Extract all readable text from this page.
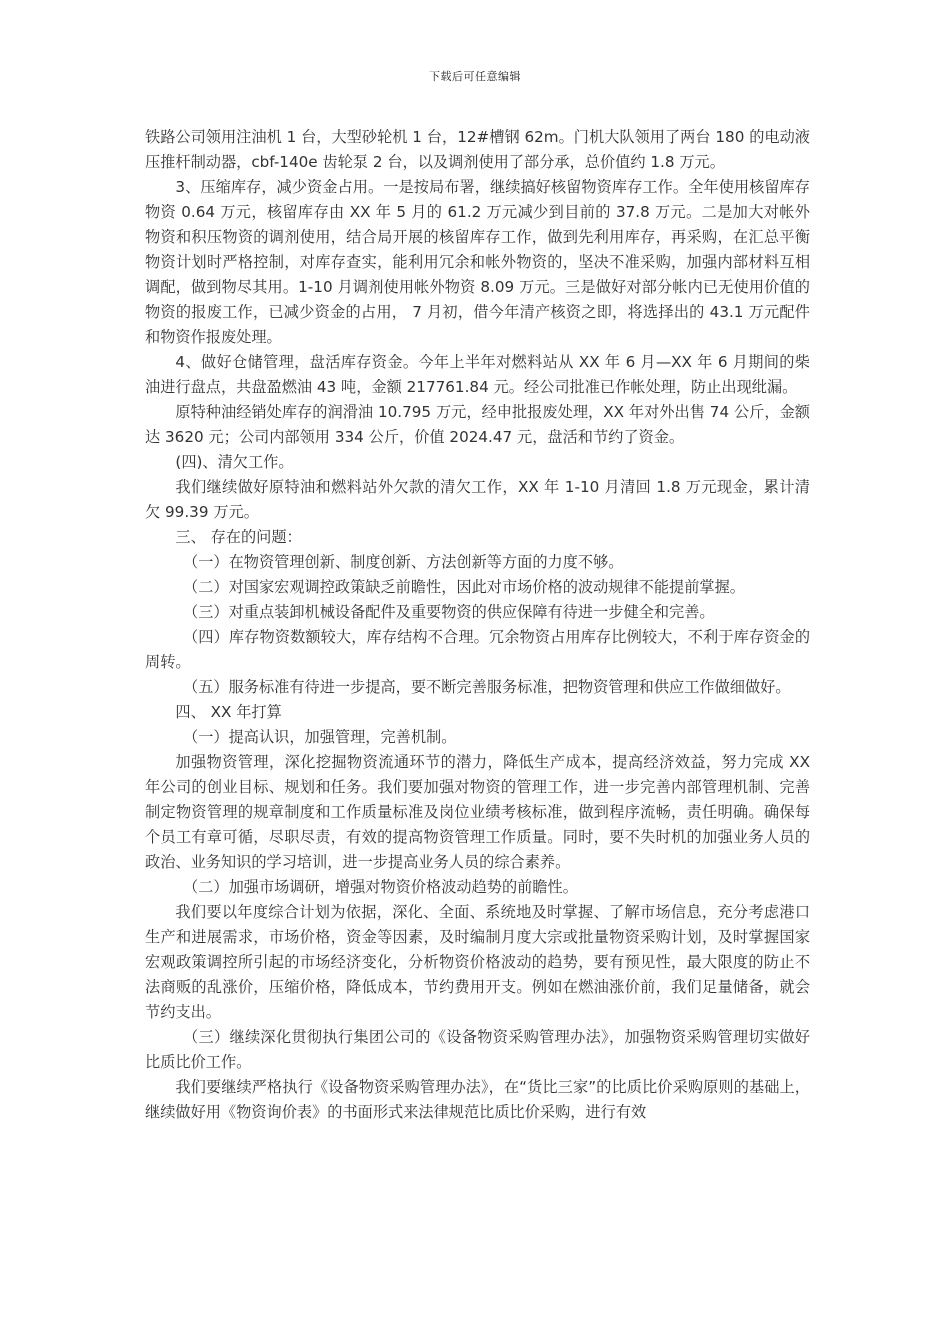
下载后可任意编辑

铁路公司领用注油机 1 台，大型砂轮机 1 台，12#槽钢 62m。门机大队领用了两台 180 的电动液压推杆制动器，cbf-140e 齿轮泵 2 台，以及调剂使用了部分承，总价值约 1.8 万元。

3、压缩库存，减少资金占用。一是按局布署，继续搞好核留物资库存工作。全年使用核留库存物资 0.64 万元，核留库存由 XX 年 5 月的 61.2 万元减少到目前的 37.8 万元。二是加大对帐外物资和积压物资的调剂使用，结合局开展的核留库存工作，做到先利用库存，再采购，在汇总平衡物资计划时严格控制，对库存查实，能利用冗余和帐外物资的，坚决不准采购，加强内部材料互相调配，做到物尽其用。1-10 月调剂使用帐外物资 8.09 万元。三是做好对部分帐内已无使用价值的物资的报废工作，已减少资金的占用， 7 月初，借今年清产核资之即，将选择出的 43.1 万元配件和物资作报废处理。

4、做好仓储管理，盘活库存资金。今年上半年对燃料站从 XX 年 6 月—XX 年 6 月期间的柴油进行盘点，共盘盈燃油 43 吨，金额 217761.84 元。经公司批准已作帐处理，防止出现纰漏。

原特种油经销处库存的润滑油 10.795 万元，经申批报废处理，XX 年对外出售 74 公斤，金额达 3620 元；公司内部领用 334 公斤，价值 2024.47 元，盘活和节约了资金。

(四)、清欠工作。

我们继续做好原特油和燃料站外欠款的清欠工作，XX 年 1-10 月清回 1.8 万元现金，累计清欠 99.39 万元。

三、 存在的问题：

（一）在物资管理创新、制度创新、方法创新等方面的力度不够。

（二）对国家宏观调控政策缺乏前瞻性，因此对市场价格的波动规律不能提前掌握。

（三）对重点装卸机械设备配件及重要物资的供应保障有待进一步健全和完善。

（四）库存物资数额较大，库存结构不合理。冗余物资占用库存比例较大，不利于库存资金的周转。

（五）服务标准有待进一步提高，要不断完善服务标准，把物资管理和供应工作做细做好。

四、 XX 年打算

（一）提高认识，加强管理，完善机制。

加强物资管理，深化挖掘物资流通环节的潜力，降低生产成本，提高经济效益，努力完成 XX 年公司的创业目标、规划和任务。我们要加强对物资的管理工作，进一步完善内部管理机制、完善制定物资管理的规章制度和工作质量标准及岗位业绩考核标准，做到程序流畅，责任明确。确保每个员工有章可循，尽职尽责，有效的提高物资管理工作质量。同时，要不失时机的加强业务人员的政治、业务知识的学习培训，进一步提高业务人员的综合素养。

（二）加强市场调研，增强对物资价格波动趋势的前瞻性。

我们要以年度综合计划为依据，深化、全面、系统地及时掌握、了解市场信息，充分考虑港口生产和进展需求，市场价格，资金等因素，及时编制月度大宗或批量物资采购计划，及时掌握国家宏观政策调控所引起的市场经济变化，分析物资价格波动的趋势，要有预见性，最大限度的防止不法商贩的乱涨价，压缩价格，降低成本，节约费用开支。例如在燃油涨价前，我们足量储备，就会节约支出。

（三）继续深化贯彻执行集团公司的《设备物资采购管理办法》，加强物资采购管理切实做好比质比价工作。

我们要继续严格执行《设备物资采购管理办法》，在“货比三家”的比质比价采购原则的基础上，继续做好用《物资询价表》的书面形式来法律规范比质比价采购，进行有效
